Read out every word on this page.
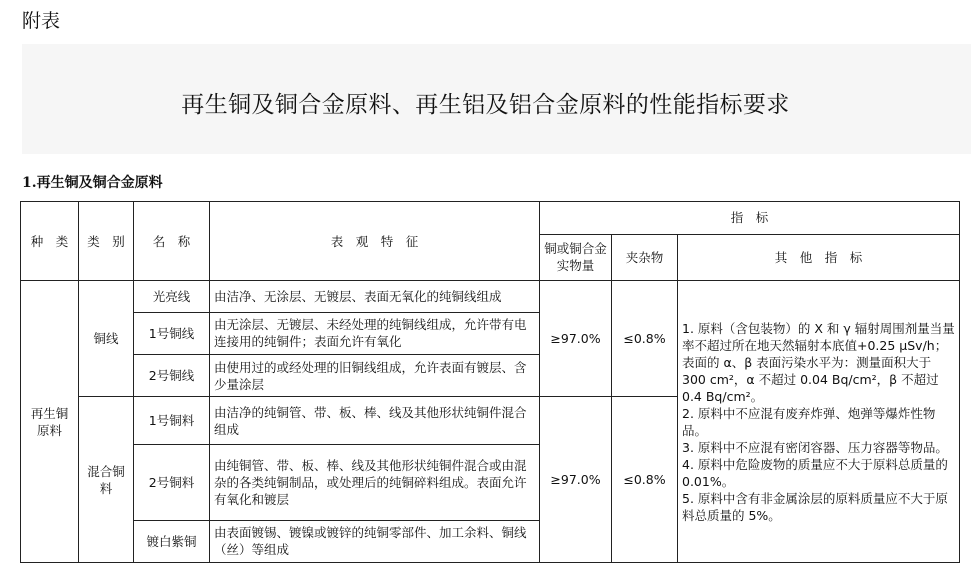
附表
再生铜及铜合金原料、再生铝及铝合金原料的性能指标要求
1.再生铜及铜合金原料
种　类	类　别	名　称	表　观　特　征	指　标		
				铜或铜合金实物量	夹杂物	其　他　指　标
再生铜原料	铜线	光亮线	由洁净、无涂层、无镀层、表面无氧化的纯铜线组成	≥97.0%	≤0.8%	1. 原料（含包装物）的 X 和 γ 辐射周围剂量当量率不超过所在地天然辐射本底值+0.25 μSv/h；表面的 α、β 表面污染水平为：测量面积大于 300 cm²，α 不超过 0.04 Bq/cm²，β 不超过 0.4 Bq/cm²。
2. 原料中不应混有废弃炸弹、炮弹等爆炸性物品。
3. 原料中不应混有密闭容器、压力容器等物品。
4. 原料中危险废物的质量应不大于原料总质量的 0.01%。
5. 原料中含有非金属涂层的原料质量应不大于原料总质量的 5%。

		1号铜线	由无涂层、无镀层、未经处理的纯铜线组成，允许带有电连接用的纯铜件；表面允许有氧化			
		2号铜线	由使用过的或经处理的旧铜线组成，允许表面有镀层、含少量涂层			
	混合铜料	1号铜料	由洁净的纯铜管、带、板、棒、线及其他形状纯铜件混合组成	≥97.0%	≤0.8%	
		2号铜料	由纯铜管、带、板、棒、线及其他形状纯铜件混合或由混杂的各类纯铜制品，或处理后的纯铜碎料组成。表面允许有氧化和镀层			
		镀白紫铜	由表面镀锡、镀镍或镀锌的纯铜零部件、加工余料、铜线（丝）等组成			
